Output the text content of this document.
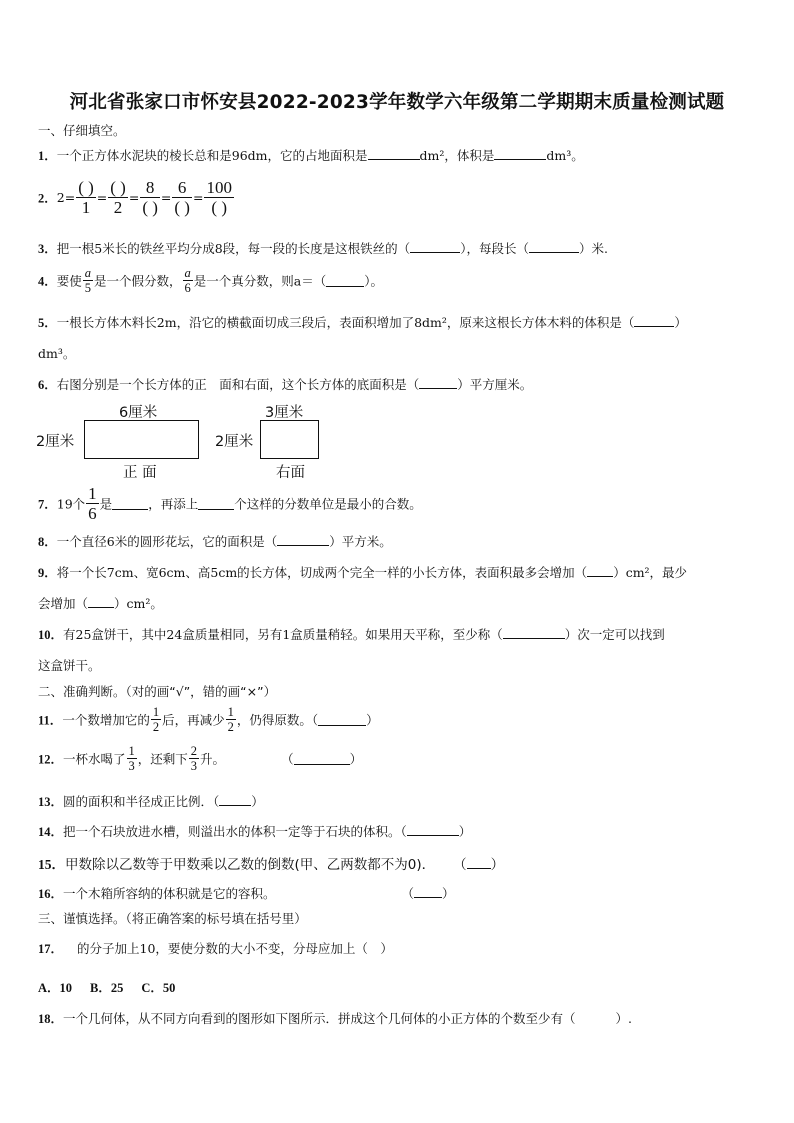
河北省张家口市怀安县2022-2023学年数学六年级第二学期期末质量检测试题
一、仔细填空。
1．一个正方体水泥块的棱长总和是96dm，它的占地面积是	dm²，体积是	dm³。
2．$2= \frac{( )}{1} = \frac{( )}{2} = \frac{8}{( )} = \frac{6}{( )} = \frac{100}{( )}$
3．把一根5米长的铁丝平均分成8段，每一段的长度是这根铁丝的（	），每段长（	）米.
4．要使 $\frac{a}{5}$ 是一个假分数， $\frac{a}{6}$ 是一个真分数，则a＝（	）。
5．一根长方体木料长2m，沿它的横截面切成三段后，表面积增加了8dm²，原来这根长方体木料的体积是（	）
dm³。
6．右图分别是一个长方体的正　面和右面，这个长方体的底面积是（	）平方厘米。
6厘米
2厘米
正 面
3厘米
2厘米
右面
7．19个 $\frac{1}{6}$ 是	，再添上	个这样的分数单位是最小的合数。
8．一个直径6米的圆形花坛，它的面积是（	）平方米。
9．将一个长7cm、宽6cm、高5cm的长方体，切成两个完全一样的小长方体，表面积最多会增加（ ）cm²，最少
会增加（ ）cm²。
10．有25盒饼干，其中24盒质量相同，另有1盒质量稍轻。如果用天平称，至少称（	）次一定可以找到
这盒饼干。
二、准确判断。（对的画“√”，错的画“×”）
11．一个数增加它的 $\frac{1}{2}$ 后，再减少 $\frac{1}{2}$ ，仍得原数。（	）
12．一杯水喝了 $\frac{1}{3}$ ，还剩下 $\frac{2}{3}$ 升。	（	）
13．圆的面积和半径成正比例．（	）
14．把一个石块放进水槽，则溢出水的体积一定等于石块的体积。（	）
15．甲数除以乙数等于甲数乘以乙数的倒数(甲、乙两数都不为0)． （ ）
16．一个木箱所容纳的体积就是它的容积。	（ ）
三、谨慎选择。（将正确答案的标号填在括号里）
17． 的分子加上10，要使分数的大小不变，分母应加上（　）
A．10 B．25 C．50
18．一个几何体，从不同方向看到的图形如下图所示．拼成这个几何体的小正方体的个数至少有（	）.
